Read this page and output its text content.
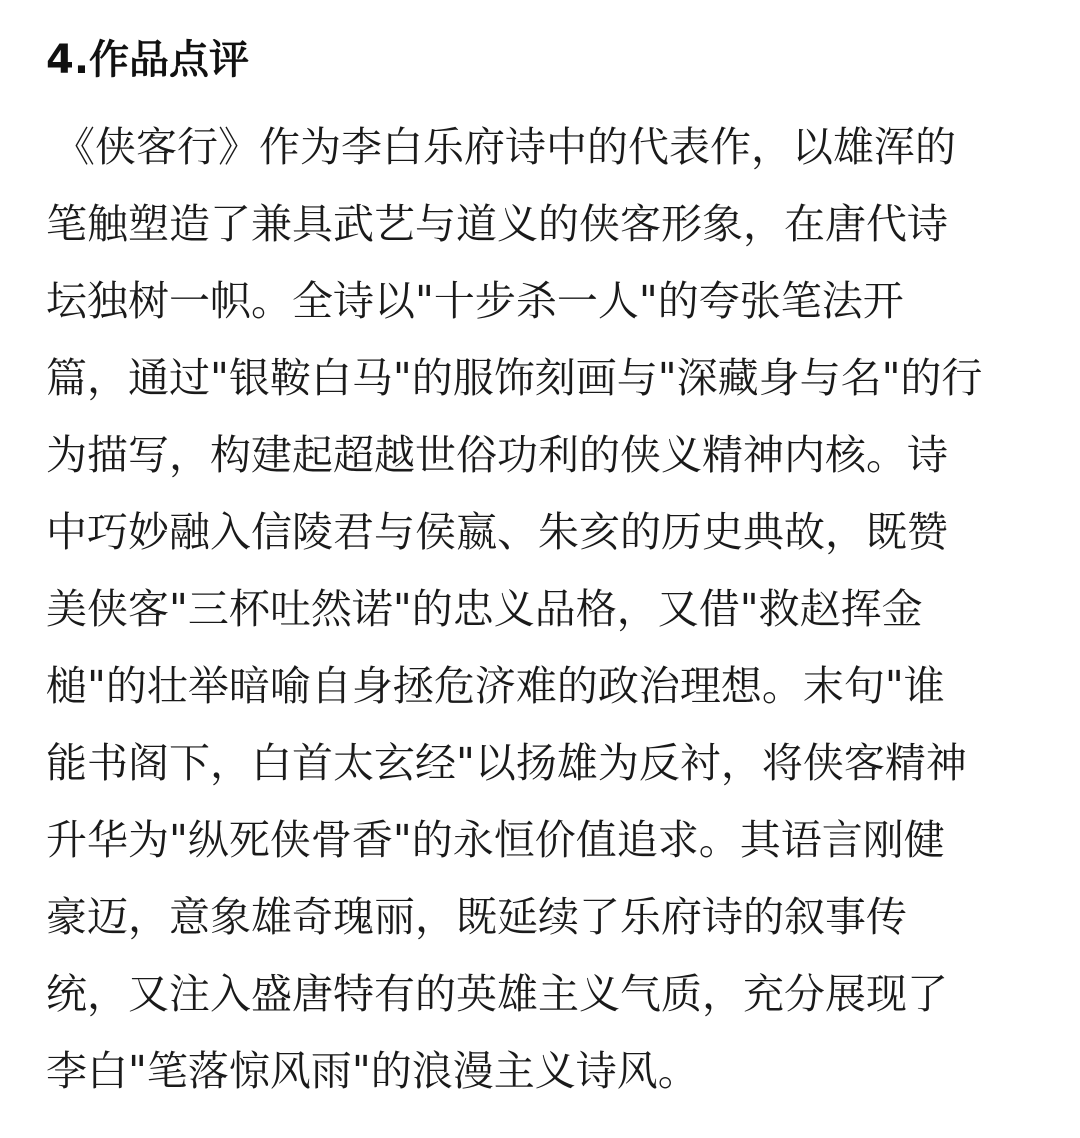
4.作品点评

《侠客行》作为李白乐府诗中的代表作，以雄浑的

笔触塑造了兼具武艺与道义的侠客形象，在唐代诗

坛独树一帜。全诗以"十步杀一人"的夸张笔法开

篇，通过"银鞍白马"的服饰刻画与"深藏身与名"的行

为描写，构建起超越世俗功利的侠义精神内核。诗

中巧妙融入信陵君与侯嬴、朱亥的历史典故，既赞

美侠客"三杯吐然诺"的忠义品格，又借"救赵挥金

槌"的壮举暗喻自身拯危济难的政治理想。末句"谁

能书阁下，白首太玄经"以扬雄为反衬，将侠客精神

升华为"纵死侠骨香"的永恒价值追求。其语言刚健

豪迈，意象雄奇瑰丽，既延续了乐府诗的叙事传

统，又注入盛唐特有的英雄主义气质，充分展现了

李白"笔落惊风雨"的浪漫主义诗风。
